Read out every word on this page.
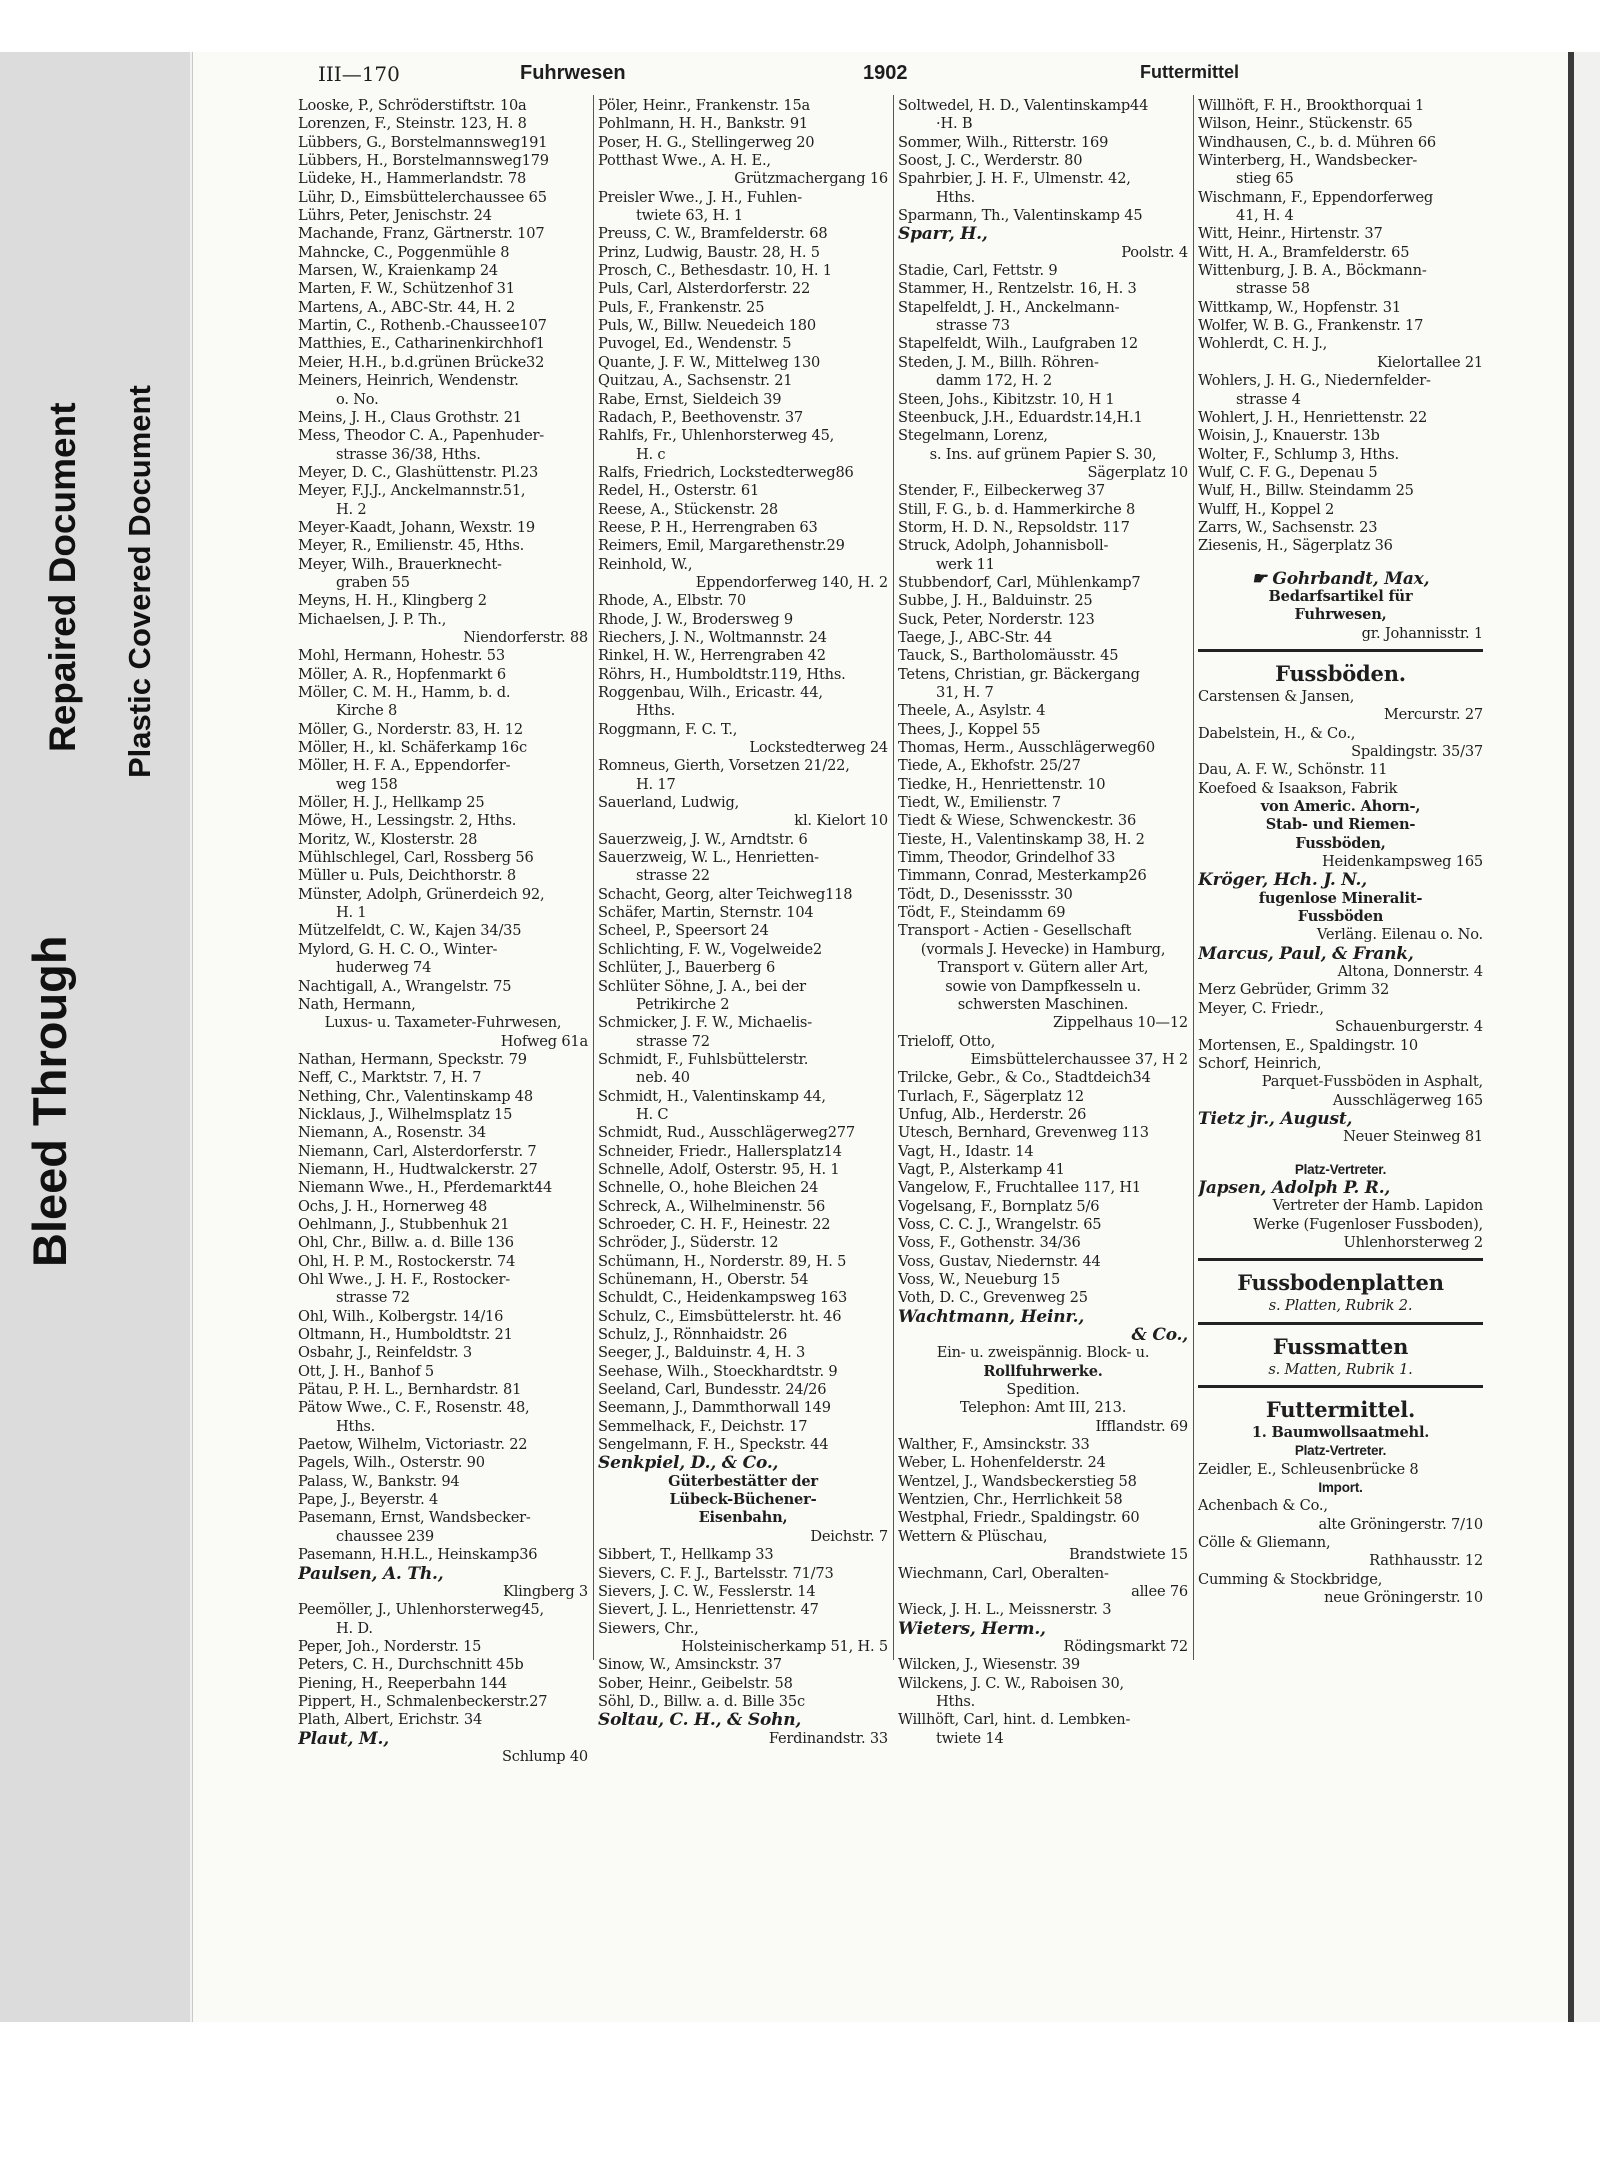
Bleed Through
Repaired Document Plastic Covered Document
III—170	Fuhrwesen	1902	Futtermittel
Looske, P., Schröderstiftstr. 10a
Lorenzen, F., Steinstr. 123, H. 8
Lübbers, G., Borstelmannsweg191
Lübbers, H., Borstelmannsweg179
Lüdeke, H., Hammerlandstr. 78
Lühr, D., Eimsbüttelerchaussee 65
Lührs, Peter, Jenischstr. 24
Machande, Franz, Gärtnerstr. 107
Mahncke, C., Poggenmühle 8
Marsen, W., Kraienkamp 24
Marten, F. W., Schützenhof 31
Martens, A., ABC-Str. 44, H. 2
Martin, C., Rothenb.-Chaussee107
Matthies, E., Catharinenkirchhof1
Meier, H.H., b.d.grünen Brücke32
Meiners, Heinrich, Wendenstr.
o. No.
Meins, J. H., Claus Grothstr. 21
Mess, Theodor C. A., Papenhuder-
strasse 36/38, Hths.
Meyer, D. C., Glashüttenstr. Pl.23
Meyer, F.J.J., Anckelmannstr.51,
H. 2
Meyer-Kaadt, Johann, Wexstr. 19
Meyer, R., Emilienstr. 45, Hths.
Meyer, Wilh., Brauerknecht-
graben 55
Meyns, H. H., Klingberg 2
Michaelsen, J. P. Th.,
Niendorferstr. 88
Mohl, Hermann, Hohestr. 53
Möller, A. R., Hopfenmarkt 6
Möller, C. M. H., Hamm, b. d.
Kirche 8
Möller, G., Norderstr. 83, H. 12
Möller, H., kl. Schäferkamp 16c
Möller, H. F. A., Eppendorfer-
weg 158
Möller, H. J., Hellkamp 25
Möwe, H., Lessingstr. 2, Hths.
Moritz, W., Klosterstr. 28
Mühlschlegel, Carl, Rossberg 56
Müller u. Puls, Deichthorstr. 8
Münster, Adolph, Grünerdeich 92,
H. 1
Mützelfeldt, C. W., Kajen 34/35
Mylord, G. H. C. O., Winter-
huderweg 74
Nachtigall, A., Wrangelstr. 75
Nath, Hermann,
Luxus- u. Taxameter-Fuhrwesen,
Hofweg 61a
Nathan, Hermann, Speckstr. 79
Neff, C., Marktstr. 7, H. 7
Nething, Chr., Valentinskamp 48
Nicklaus, J., Wilhelmsplatz 15
Niemann, A., Rosenstr. 34
Niemann, Carl, Alsterdorferstr. 7
Niemann, H., Hudtwalckerstr. 27
Niemann Wwe., H., Pferdemarkt44
Ochs, J. H., Hornerweg 48
Oehlmann, J., Stubbenhuk 21
Ohl, Chr., Billw. a. d. Bille 136
Ohl, H. P. M., Rostockerstr. 74
Ohl Wwe., J. H. F., Rostocker-
strasse 72
Ohl, Wilh., Kolbergstr. 14/16
Oltmann, H., Humboldtstr. 21
Osbahr, J., Reinfeldstr. 3
Ott, J. H., Banhof 5
Pätau, P. H. L., Bernhardstr. 81
Pätow Wwe., C. F., Rosenstr. 48,
Hths.
Paetow, Wilhelm, Victoriastr. 22
Pagels, Wilh., Osterstr. 90
Palass, W., Bankstr. 94
Pape, J., Beyerstr. 4
Pasemann, Ernst, Wandsbecker-
chaussee 239
Pasemann, H.H.L., Heinskamp36
Paulsen, A. Th.,
Klingberg 3
Peemöller, J., Uhlenhorsterweg45,
H. D.
Peper, Joh., Norderstr. 15
Peters, C. H., Durchschnitt 45b
Piening, H., Reeperbahn 144
Pippert, H., Schmalenbeckerstr.27
Plath, Albert, Erichstr. 34
Plaut, M.,
Schlump 40
Pöler, Heinr., Frankenstr. 15a
Pohlmann, H. H., Bankstr. 91
Poser, H. G., Stellingerweg 20
Potthast Wwe., A. H. E.,
Grützmachergang 16
Preisler Wwe., J. H., Fuhlen-
twiete 63, H. 1
Preuss, C. W., Bramfelderstr. 68
Prinz, Ludwig, Baustr. 28, H. 5
Prosch, C., Bethesdastr. 10, H. 1
Puls, Carl, Alsterdorferstr. 22
Puls, F., Frankenstr. 25
Puls, W., Billw. Neuedeich 180
Puvogel, Ed., Wendenstr. 5
Quante, J. F. W., Mittelweg 130
Quitzau, A., Sachsenstr. 21
Rabe, Ernst, Sieldeich 39
Radach, P., Beethovenstr. 37
Rahlfs, Fr., Uhlenhorsterweg 45,
H. c
Ralfs, Friedrich, Lockstedterweg86
Redel, H., Osterstr. 61
Reese, A., Stückenstr. 28
Reese, P. H., Herrengraben 63
Reimers, Emil, Margarethenstr.29
Reinhold, W.,
Eppendorferweg 140, H. 2
Rhode, A., Elbstr. 70
Rhode, J. W., Brodersweg 9
Riechers, J. N., Woltmannstr. 24
Rinkel, H. W., Herrengraben 42
Röhrs, H., Humboldtstr.119, Hths.
Roggenbau, Wilh., Ericastr. 44,
Hths.
Roggmann, F. C. T.,
Lockstedterweg 24
Romneus, Gierth, Vorsetzen 21/22,
H. 17
Sauerland, Ludwig,
kl. Kielort 10
Sauerzweig, J. W., Arndtstr. 6
Sauerzweig, W. L., Henrietten-
strasse 22
Schacht, Georg, alter Teichweg118
Schäfer, Martin, Sternstr. 104
Scheel, P., Speersort 24
Schlichting, F. W., Vogelweide2
Schlüter, J., Bauerberg 6
Schlüter Söhne, J. A., bei der
Petrikirche 2
Schmicker, J. F. W., Michaelis-
strasse 72
Schmidt, F., Fuhlsbüttelerstr.
neb. 40
Schmidt, H., Valentinskamp 44,
H. C
Schmidt, Rud., Ausschlägerweg277
Schneider, Friedr., Hallersplatz14
Schnelle, Adolf, Osterstr. 95, H. 1
Schnelle, O., hohe Bleichen 24
Schreck, A., Wilhelminenstr. 56
Schroeder, C. H. F., Heinestr. 22
Schröder, J., Süderstr. 12
Schümann, H., Norderstr. 89, H. 5
Schünemann, H., Oberstr. 54
Schuldt, C., Heidenkampsweg 163
Schulz, C., Eimsbüttelerstr. ht. 46
Schulz, J., Rönnhaidstr. 26
Seeger, J., Balduinstr. 4, H. 3
Seehase, Wilh., Stoeckhardtstr. 9
Seeland, Carl, Bundesstr. 24/26
Seemann, J., Dammthorwall 149
Semmelhack, F., Deichstr. 17
Sengelmann, F. H., Speckstr. 44
Senkpiel, D., & Co.,
Güterbestätter der
Lübeck-Büchener-
Eisenbahn,
Deichstr. 7
Sibbert, T., Hellkamp 33
Sievers, C. F. J., Bartelsstr. 71/73
Sievers, J. C. W., Fesslerstr. 14
Sievert, J. L., Henriettenstr. 47
Siewers, Chr.,
Holsteinischerkamp 51, H. 5
Sinow, W., Amsinckstr. 37
Sober, Heinr., Geibelstr. 58
Söhl, D., Billw. a. d. Bille 35c
Soltau, C. H., & Sohn,
Ferdinandstr. 33
Soltwedel, H. D., Valentinskamp44
·H. B
Sommer, Wilh., Ritterstr. 169
Soost, J. C., Werderstr. 80
Spahrbier, J. H. F., Ulmenstr. 42,
Hths.
Sparmann, Th., Valentinskamp 45
Sparr, H.,
Poolstr. 4
Stadie, Carl, Fettstr. 9
Stammer, H., Rentzelstr. 16, H. 3
Stapelfeldt, J. H., Anckelmann-
strasse 73
Stapelfeldt, Wilh., Laufgraben 12
Steden, J. M., Billh. Röhren-
damm 172, H. 2
Steen, Johs., Kibitzstr. 10, H 1
Steenbuck, J.H., Eduardstr.14,H.1
Stegelmann, Lorenz,
s. Ins. auf grünem Papier S. 30,
Sägerplatz 10
Stender, F., Eilbeckerweg 37
Still, F. G., b. d. Hammerkirche 8
Storm, H. D. N., Repsoldstr. 117
Struck, Adolph, Johannisboll-
werk 11
Stubbendorf, Carl, Mühlenkamp7
Subbe, J. H., Balduinstr. 25
Suck, Peter, Norderstr. 123
Taege, J., ABC-Str. 44
Tauck, S., Bartholomäusstr. 45
Tetens, Christian, gr. Bäckergang
31, H. 7
Theele, A., Asylstr. 4
Thees, J., Koppel 55
Thomas, Herm., Ausschlägerweg60
Tiede, A., Ekhofstr. 25/27
Tiedke, H., Henriettenstr. 10
Tiedt, W., Emilienstr. 7
Tiedt & Wiese, Schwenckestr. 36
Tieste, H., Valentinskamp 38, H. 2
Timm, Theodor, Grindelhof 33
Timmann, Conrad, Mesterkamp26
Tödt, D., Desenissstr. 30
Tödt, F., Steindamm 69
Transport - Actien - Gesellschaft
(vormals J. Hevecke) in Hamburg,
Transport v. Gütern aller Art,
sowie von Dampfkesseln u.
schwersten Maschinen.
Zippelhaus 10—12
Trieloff, Otto,
Eimsbüttelerchaussee 37, H 2
Trilcke, Gebr., & Co., Stadtdeich34
Turlach, F., Sägerplatz 12
Unfug, Alb., Herderstr. 26
Utesch, Bernhard, Grevenweg 113
Vagt, H., Idastr. 14
Vagt, P., Alsterkamp 41
Vangelow, F., Fruchtallee 117, H1
Vogelsang, F., Bornplatz 5/6
Voss, C. C. J., Wrangelstr. 65
Voss, F., Gothenstr. 34/36
Voss, Gustav, Niedernstr. 44
Voss, W., Neueburg 15
Voth, D. C., Grevenweg 25
Wachtmann, Heinr.,
& Co.,
Ein- u. zweispännig. Block- u.
Rollfuhrwerke.
Spedition.
Telephon: Amt III, 213.
Ifflandstr. 69
Walther, F., Amsinckstr. 33
Weber, L. Hohenfelderstr. 24
Wentzel, J., Wandsbeckerstieg 58
Wentzien, Chr., Herrlichkeit 58
Westphal, Friedr., Spaldingstr. 60
Wettern & Plüschau,
Brandstwiete 15
Wiechmann, Carl, Oberalten-
allee 76
Wieck, J. H. L., Meissnerstr. 3
Wieters, Herm.,
Rödingsmarkt 72
Wilcken, J., Wiesenstr. 39
Wilckens, J. C. W., Raboisen 30,
Hths.
Willhöft, Carl, hint. d. Lembken-
twiete 14
Willhöft, F. H., Brookthorquai 1
Wilson, Heinr., Stückenstr. 65
Windhausen, C., b. d. Mühren 66
Winterberg, H., Wandsbecker-
stieg 65
Wischmann, F., Eppendorferweg
41, H. 4
Witt, Heinr., Hirtenstr. 37
Witt, H. A., Bramfelderstr. 65
Wittenburg, J. B. A., Böckmann-
strasse 58
Wittkamp, W., Hopfenstr. 31
Wolfer, W. B. G., Frankenstr. 17
Wohlerdt, C. H. J.,
Kielortallee 21
Wohlers, J. H. G., Niedernfelder-
strasse 4
Wohlert, J. H., Henriettenstr. 22
Woisin, J., Knauerstr. 13b
Wolter, F., Schlump 3, Hths.
Wulf, C. F. G., Depenau 5
Wulf, H., Billw. Steindamm 25
Wulff, H., Koppel 2
Zarrs, W., Sachsenstr. 23
Ziesenis, H., Sägerplatz 36
☛ Gohrbandt, Max,
Bedarfsartikel für
Fuhrwesen,
gr. Johannisstr. 1
Fussböden.
Carstensen & Jansen,
Mercurstr. 27
Dabelstein, H., & Co.,
Spaldingstr. 35/37
Dau, A. F. W., Schönstr. 11
Koefoed & Isaakson, Fabrik
von Americ. Ahorn-,
Stab- und Riemen-
Fussböden,
Heidenkampsweg 165
Kröger, Hch. J. N.,
fugenlose Mineralit-
Fussböden
Verläng. Eilenau o. No.
Marcus, Paul, & Frank,
Altona, Donnerstr. 4
Merz Gebrüder, Grimm 32
Meyer, C. Friedr.,
Schauenburgerstr. 4
Mortensen, E., Spaldingstr. 10
Schorf, Heinrich,
Parquet-Fussböden in Asphalt,
Ausschlägerweg 165
Tietz jr., August,
Neuer Steinweg 81
Platz-Vertreter.
Japsen, Adolph P. R.,
Vertreter der Hamb. Lapidon
Werke (Fugenloser Fussboden),
Uhlenhorsterweg 2
Fussbodenplatten
s. Platten, Rubrik 2.
Fussmatten
s. Matten, Rubrik 1.
Futtermittel.
1. Baumwollsaatmehl.
Platz-Vertreter.
Zeidler, E., Schleusenbrücke 8
Import.
Achenbach & Co.,
alte Gröningerstr. 7/10
Cölle & Gliemann,
Rathhausstr. 12
Cumming & Stockbridge,
neue Gröningerstr. 10
